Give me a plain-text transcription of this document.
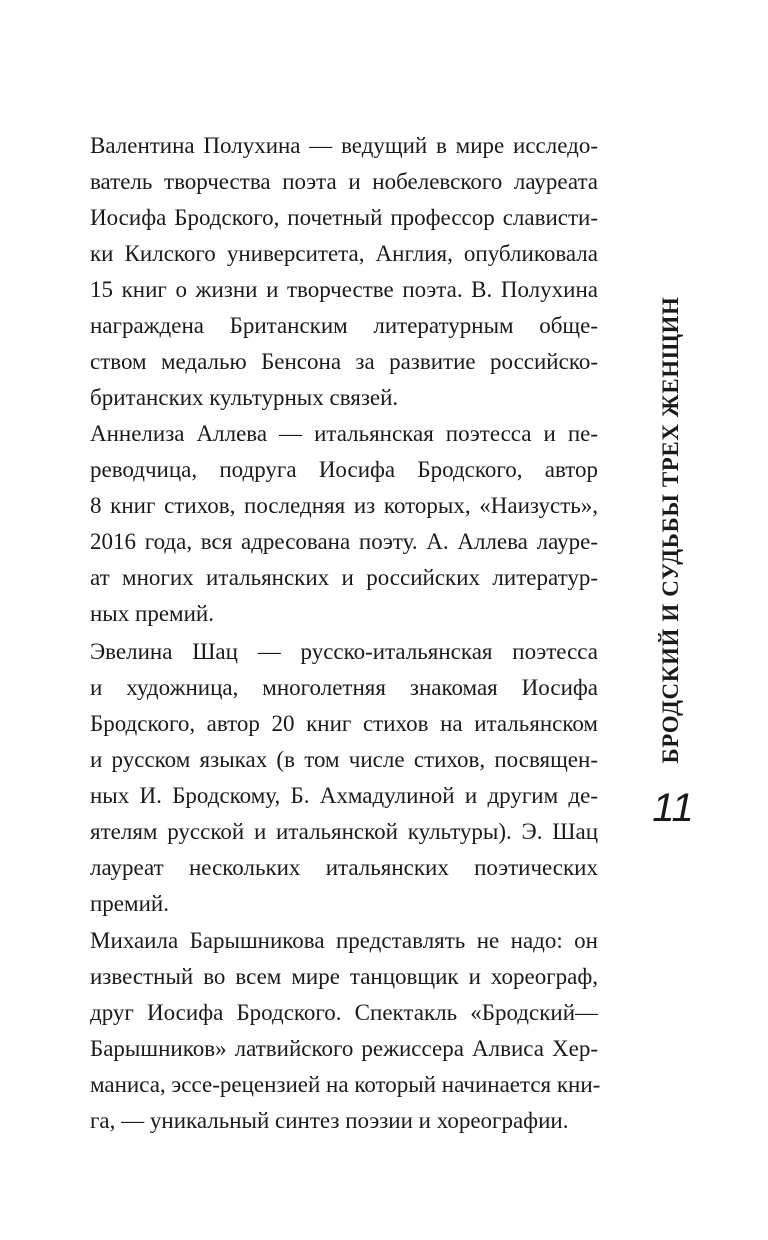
Валентина Полухина — ведущий в мире исследо-
ватель творчества поэта и нобелевского лауреата
Иосифа Бродского, почетный профессор слависти-
ки Килского университета, Англия, опубликовала
15 книг о жизни и творчестве поэта. В. Полухина
награждена Британским литературным обще-
ством медалью Бенсона за развитие российско-
британских культурных связей.
Аннелиза Аллева — итальянская поэтесса и пе-
реводчица, подруга Иосифа Бродского, автор
8 книг стихов, последняя из которых, «Наизусть»,
2016 года, вся адресована поэту. А. Аллева лауре-
ат многих итальянских и российских литератур-
ных премий.
Эвелина Шац — русско-итальянская поэтесса
и художница, многолетняя знакомая Иосифа
Бродского, автор 20 книг стихов на итальянском
и русском языках (в том числе стихов, посвящен-
ных И. Бродскому, Б. Ахмадулиной и другим де-
ятелям русской и итальянской культуры). Э. Шац
лауреат нескольких итальянских поэтических
премий.
Михаила Барышникова представлять не надо: он
известный во всем мире танцовщик и хореограф,
друг Иосифа Бродского. Спектакль «Бродский—
Барышников» латвийского режиссера Алвиса Хер-
маниса, эссе-рецензией на который начинается кни-
га, — уникальный синтез поэзии и хореографии.
БРОДСКИЙ И СУДЬБЫ ТРЕХ ЖЕНЩИН
11
